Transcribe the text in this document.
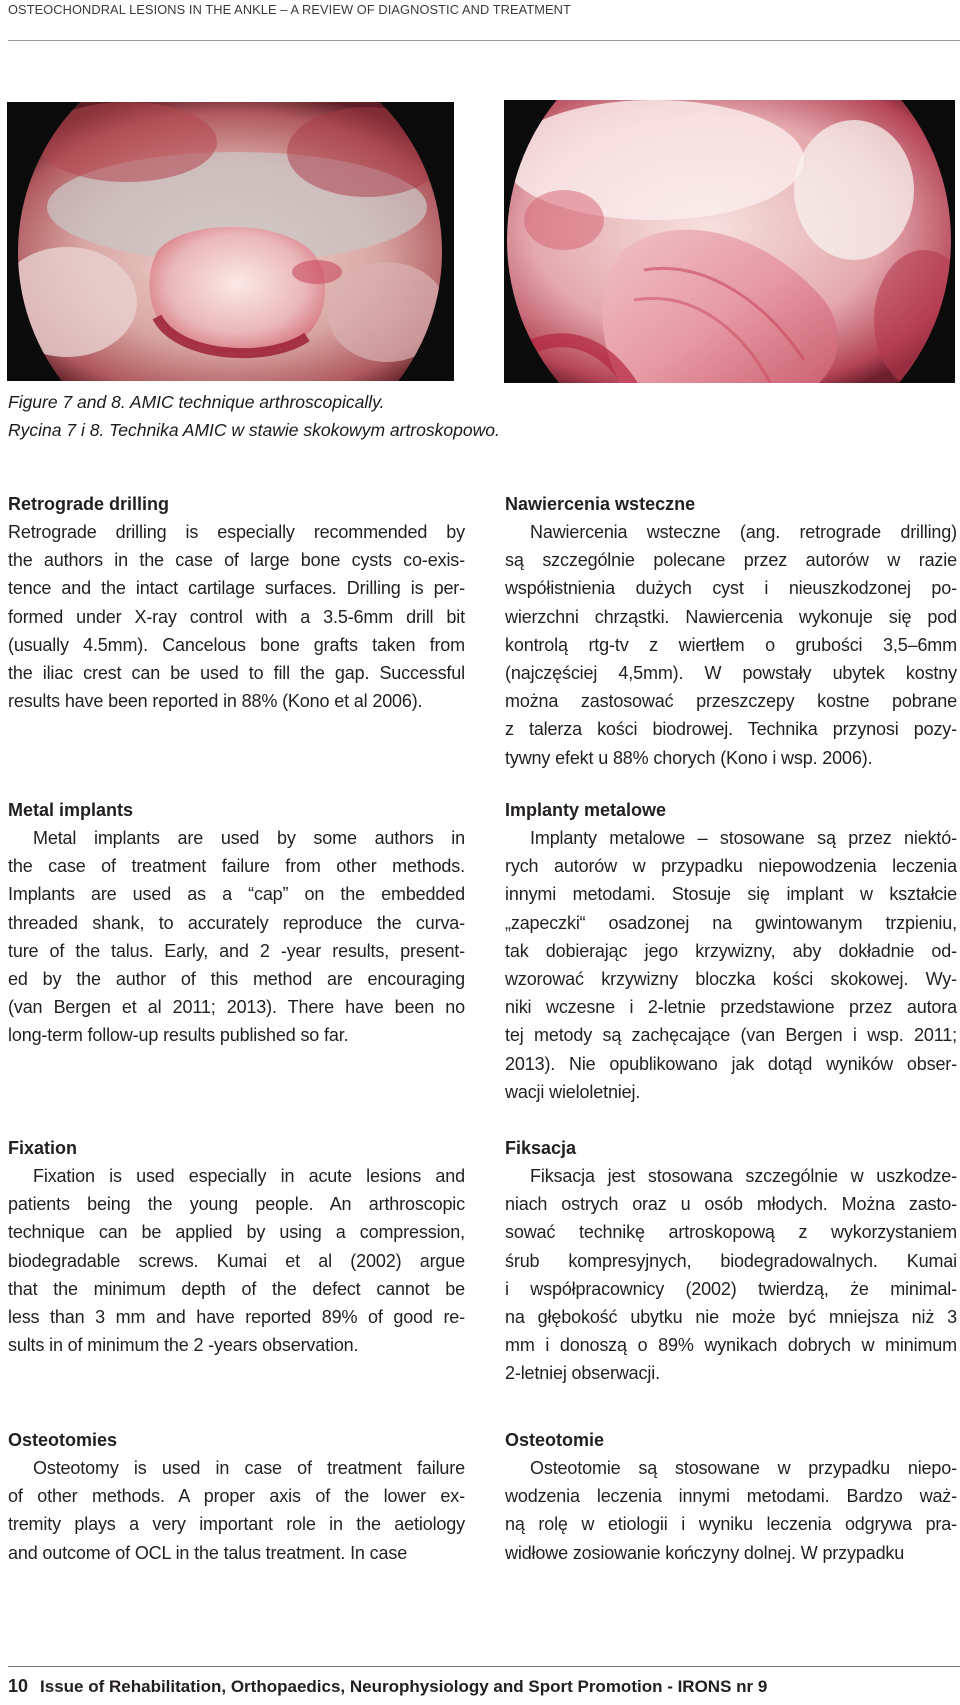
OSTEOCHONDRAL LESIONS IN THE ANKLE – A REVIEW OF DIAGNOSTIC AND TREATMENT
Figure 7 and 8. AMIC technique arthroscopically.
Rycina 7 i 8. Technika AMIC w stawie skokowym artroskopowo.
Retrograde drilling
Retrograde drilling is especially recommended by
the authors in the case of large bone cysts co-exis-
tence and the intact cartilage surfaces. Drilling is per-
formed under X-ray control with a 3.5-6mm drill bit
(usually 4.5mm). Cancelous bone grafts taken from
the iliac crest can be used to fill the gap. Successful
results have been reported in 88% (Kono et al 2006).
Metal implants
Metal implants are used by some authors in
the case of treatment failure from other methods.
Implants are used as a “cap” on the embedded
threaded shank, to accurately reproduce the curva-
ture of the talus. Early, and 2 -year results, present-
ed by the author of this method are encouraging
(van Bergen et al 2011; 2013). There have been no
long-term follow-up results published so far.
Fixation
Fixation is used especially in acute lesions and
patients being the young people. An arthroscopic
technique can be applied by using a compression,
biodegradable screws. Kumai et al (2002) argue
that the minimum depth of the defect cannot be
less than 3 mm and have reported 89% of good re-
sults in of minimum the 2 -years observation.
Osteotomies
Osteotomy is used in case of treatment failure
of other methods. A proper axis of the lower ex-
tremity plays a very important role in the aetiology
and outcome of OCL in the talus treatment. In case
Nawiercenia wsteczne
Nawiercenia wsteczne (ang. retrograde drilling)
są szczególnie polecane przez autorów w razie
współistnienia dużych cyst i nieuszkodzonej po-
wierzchni chrząstki. Nawiercenia wykonuje się pod
kontrolą rtg-tv z wiertłem o grubości 3,5–6mm
(najczęściej 4,5mm). W powstały ubytek kostny
można zastosować przeszczepy kostne pobrane
z talerza kości biodrowej. Technika przynosi pozy-
tywny efekt u 88% chorych (Kono i wsp. 2006).
Implanty metalowe
Implanty metalowe – stosowane są przez niektó-
rych autorów w przypadku niepowodzenia leczenia
innymi metodami. Stosuje się implant w kształcie
„zapeczki“ osadzonej na gwintowanym trzpieniu,
tak dobierając jego krzywizny, aby dokładnie od-
wzorować krzywizny bloczka kości skokowej. Wy-
niki wczesne i 2-letnie przedstawione przez autora
tej metody są zachęcające (van Bergen i wsp. 2011;
2013). Nie opublikowano jak dotąd wyników obser-
wacji wieloletniej.
Fiksacja
Fiksacja jest stosowana szczególnie w uszkodze-
niach ostrych oraz u osób młodych. Można zasto-
sować technikę artroskopową z wykorzystaniem
śrub kompresyjnych, biodegradowalnych. Kumai
i współpracownicy (2002) twierdzą, że minimal-
na głębokość ubytku nie może być mniejsza niż 3
mm i donoszą o 89% wynikach dobrych w minimum
2-letniej obserwacji.
Osteotomie
Osteotomie są stosowane w przypadku niepo-
wodzenia leczenia innymi metodami. Bardzo waż-
ną rolę w etiologii i wyniku leczenia odgrywa pra-
widłowe zosiowanie kończyny dolnej. W przypadku
10 Issue of Rehabilitation, Orthopaedics, Neurophysiology and Sport Promotion - IRONS nr 9
